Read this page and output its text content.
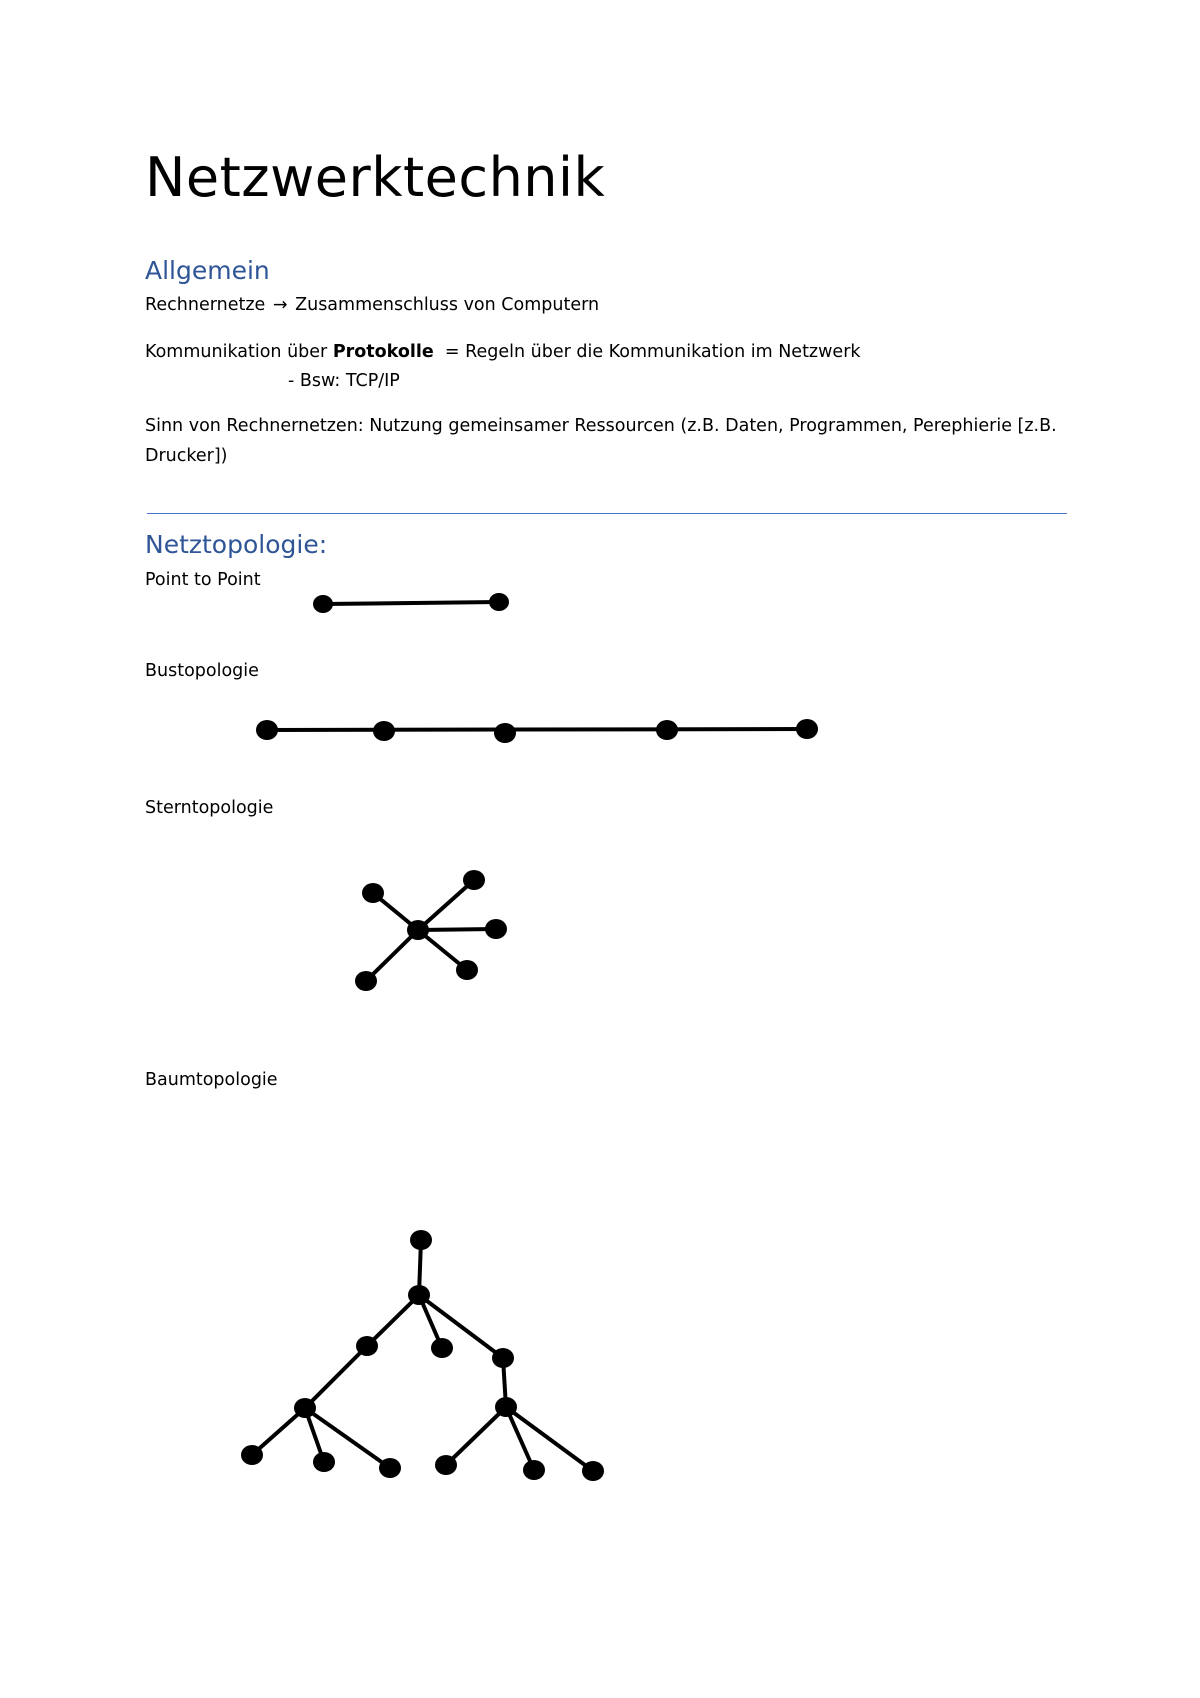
Netzwerktechnik
Allgemein

Rechnernetze → Zusammenschluss von Computern

Kommunikation über Protokolle  = Regeln über die Kommunikation im Netzwerk

- Bsw: TCP/IP

Sinn von Rechnernetzen: Nutzung gemeinsamer Ressourcen (z.B. Daten, Programmen, Perephierie [z.B. Drucker])

Netztopologie:

Point to Point

Bustopologie

Sterntopologie

Baumtopologie
